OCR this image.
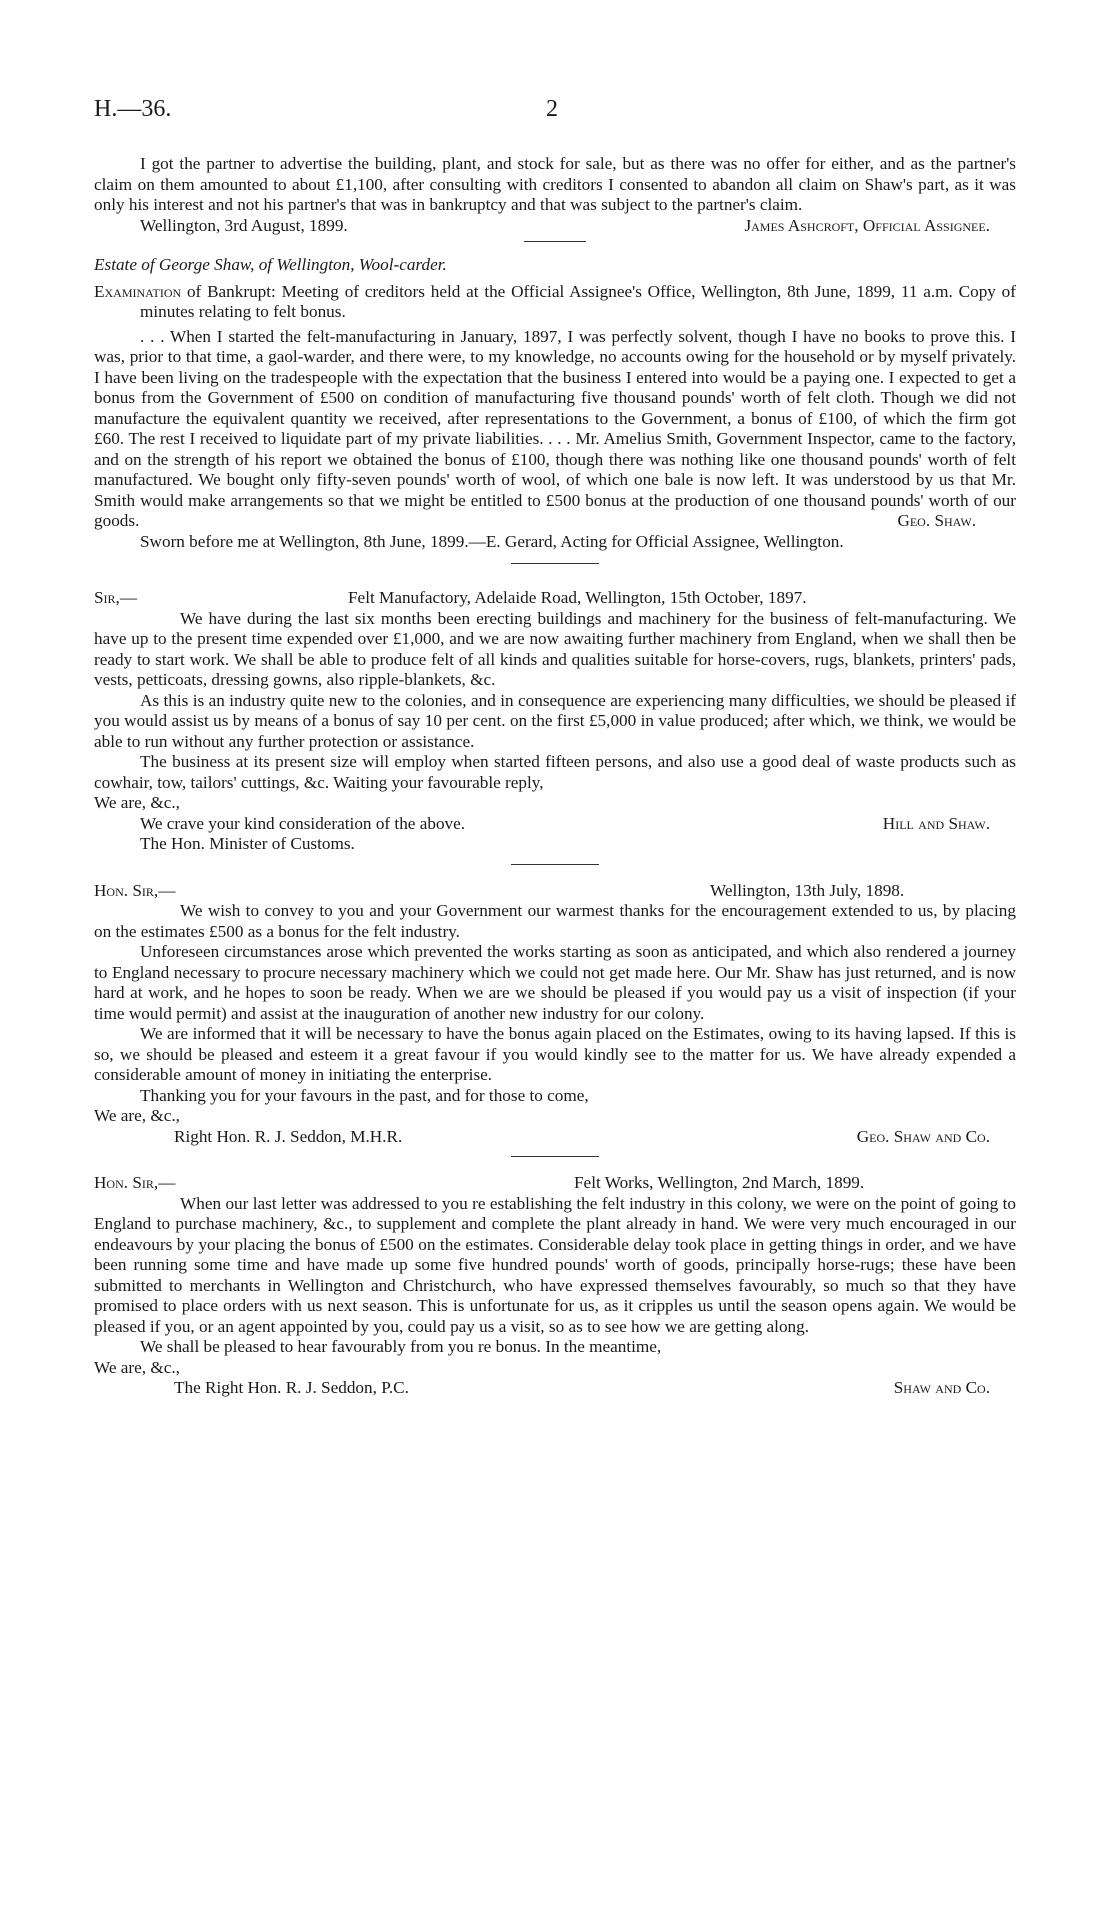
H.—36.	2

I got the partner to advertise the building, plant, and stock for sale, but as there was no offer for either, and as the partner's claim on them amounted to about £1,100, after consulting with creditors I consented to abandon all claim on Shaw's part, as it was only his interest and not his partner's that was in bankruptcy and that was subject to the partner's claim.

Wellington, 3rd August, 1899.	James Ashcroft, Official Assignee.

Estate of George Shaw, of Wellington, Wool-carder.

Examination of Bankrupt: Meeting of creditors held at the Official Assignee's Office, Wellington, 8th June, 1899, 11 a.m. Copy of minutes relating to felt bonus.

. . . When I started the felt-manufacturing in January, 1897, I was perfectly solvent, though I have no books to prove this. I was, prior to that time, a gaol-warder, and there were, to my knowledge, no accounts owing for the household or by myself privately. I have been living on the tradespeople with the expectation that the business I entered into would be a paying one. I expected to get a bonus from the Government of £500 on condition of manufacturing five thousand pounds' worth of felt cloth. Though we did not manufacture the equivalent quantity we received, after representations to the Government, a bonus of £100, of which the firm got £60. The rest I received to liquidate part of my private liabilities. . . . Mr. Amelius Smith, Government Inspector, came to the factory, and on the strength of his report we obtained the bonus of £100, though there was nothing like one thousand pounds' worth of felt manufactured. We bought only fifty-seven pounds' worth of wool, of which one bale is now left. It was understood by us that Mr. Smith would make arrangements so that we might be entitled to £500 bonus at the production of one thousand pounds' worth of our goods.	Geo. Shaw.

Sworn before me at Wellington, 8th June, 1899.—E. Gerard, Acting for Official Assignee, Wellington.

Sir,—	Felt Manufactory, Adelaide Road, Wellington, 15th October, 1897.

We have during the last six months been erecting buildings and machinery for the business of felt-manufacturing. We have up to the present time expended over £1,000, and we are now awaiting further machinery from England, when we shall then be ready to start work. We shall be able to produce felt of all kinds and qualities suitable for horse-covers, rugs, blankets, printers' pads, vests, petticoats, dressing gowns, also ripple-blankets, &c.

As this is an industry quite new to the colonies, and in consequence are experiencing many difficulties, we should be pleased if you would assist us by means of a bonus of say 10 per cent. on the first £5,000 in value produced; after which, we think, we would be able to run without any further protection or assistance.

The business at its present size will employ when started fifteen persons, and also use a good deal of waste products such as cowhair, tow, tailors' cuttings, &c. Waiting your favourable reply,

We are, &c.,

We crave your kind consideration of the above.	Hill and Shaw.

The Hon. Minister of Customs.

Hon. Sir,—	Wellington, 13th July, 1898.

We wish to convey to you and your Government our warmest thanks for the encouragement extended to us, by placing on the estimates £500 as a bonus for the felt industry.

Unforeseen circumstances arose which prevented the works starting as soon as anticipated, and which also rendered a journey to England necessary to procure necessary machinery which we could not get made here. Our Mr. Shaw has just returned, and is now hard at work, and he hopes to soon be ready. When we are we should be pleased if you would pay us a visit of inspection (if your time would permit) and assist at the inauguration of another new industry for our colony.

We are informed that it will be necessary to have the bonus again placed on the Estimates, owing to its having lapsed. If this is so, we should be pleased and esteem it a great favour if you would kindly see to the matter for us. We have already expended a considerable amount of money in initiating the enterprise.

Thanking you for your favours in the past, and for those to come,

We are, &c.,

Right Hon. R. J. Seddon, M.H.R.	Geo. Shaw and Co.
Hon. Sir,—	Felt Works, Wellington, 2nd March, 1899.

When our last letter was addressed to you re establishing the felt industry in this colony, we were on the point of going to England to purchase machinery, &c., to supplement and complete the plant already in hand. We were very much encouraged in our endeavours by your placing the bonus of £500 on the estimates. Considerable delay took place in getting things in order, and we have been running some time and have made up some five hundred pounds' worth of goods, principally horse-rugs; these have been submitted to merchants in Wellington and Christchurch, who have expressed themselves favourably, so much so that they have promised to place orders with us next season. This is unfortunate for us, as it cripples us until the season opens again. We would be pleased if you, or an agent appointed by you, could pay us a visit, so as to see how we are getting along.

We shall be pleased to hear favourably from you re bonus. In the meantime,

We are, &c.,

The Right Hon. R. J. Seddon, P.C.	Shaw and Co.
